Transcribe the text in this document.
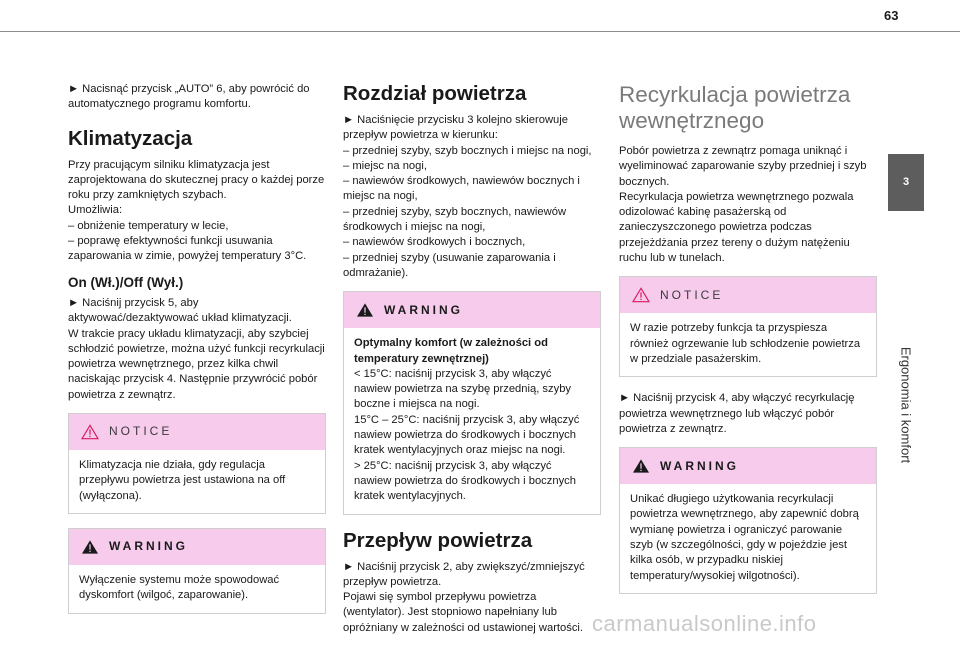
63
3
Ergonomia i komfort

► Nacisnąć przycisk „AUTO” 6, aby powrócić do automatycznego programu komfortu.

Klimatyzacja

Przy pracującym silniku klimatyzacja jest zaprojektowana do skutecznej pracy o każdej porze roku przy zamkniętych szybach.

Umożliwia:

– obniżenie temperatury w lecie,
– poprawę efektywności funkcji usuwania zaparowania w zimie, powyżej temperatury 3°C.
On (Wł.)/Off (Wył.)

► Naciśnij przycisk 5, aby aktywować/dezaktywować układ klimatyzacji.

W trakcie pracy układu klimatyzacji, aby szybciej schłodzić powietrze, można użyć funkcji recyrkulacji powietrza wewnętrznego, przez kilka chwil naciskając przycisk 4. Następnie przywrócić pobór powietrza z zewnątrz.

NOTICE
Klimatyzacja nie działa, gdy regulacja przepływu powietrza jest ustawiona na off (wyłączona).
WARNING
Wyłączenie systemu może spowodować dyskomfort (wilgoć, zaparowanie).
Rozdział powietrza

► Naciśnięcie przycisku 3 kolejno skierowuje przepływ powietrza w kierunku:

– przedniej szyby, szyb bocznych i miejsc na nogi,
– miejsc na nogi,
– nawiewów środkowych, nawiewów bocznych i miejsc na nogi,
– przedniej szyby, szyb bocznych, nawiewów środkowych i miejsc na nogi,
– nawiewów środkowych i bocznych,
– przedniej szyby (usuwanie zaparowania i odmrażanie).
WARNING
Optymalny komfort (w zależności od temperatury zewnętrznej)
< 15°C: naciśnij przycisk 3, aby włączyć nawiew powietrza na szybę przednią, szyby boczne i miejsca na nogi.
15°C – 25°C: naciśnij przycisk 3, aby włączyć nawiew powietrza do środkowych i bocznych kratek wentylacyjnych oraz miejsc na nogi.
> 25°C: naciśnij przycisk 3, aby włączyć nawiew powietrza do środkowych i bocznych kratek wentylacyjnych.
Przepływ powietrza

► Naciśnij przycisk 2, aby zwiększyć/zmniejszyć przepływ powietrza.

Pojawi się symbol przepływu powietrza (wentylator). Jest stopniowo napełniany lub opróżniany w zależności od ustawionej wartości.

Recyrkulacja powietrza
wewnętrznego

Pobór powietrza z zewnątrz pomaga uniknąć i wyeliminować zaparowanie szyby przedniej i szyb bocznych.

Recyrkulacja powietrza wewnętrznego pozwala odizolować kabinę pasażerską od zanieczyszczonego powietrza podczas przejeżdżania przez tereny o dużym natężeniu ruchu lub w tunelach.

NOTICE
W razie potrzeby funkcja ta przyspiesza również ogrzewanie lub schłodzenie powietrza w przedziale pasażerskim.

► Naciśnij przycisk 4, aby włączyć recyrkulację powietrza wewnętrznego lub włączyć pobór powietrza z zewnątrz.

WARNING
Unikać długiego użytkowania recyrkulacji powietrza wewnętrznego, aby zapewnić dobrą wymianę powietrza i ograniczyć parowanie szyb (w szczególności, gdy w pojeździe jest kilka osób, w przypadku niskiej temperatury/wysokiej wilgotności).
carmanualsonline.info
